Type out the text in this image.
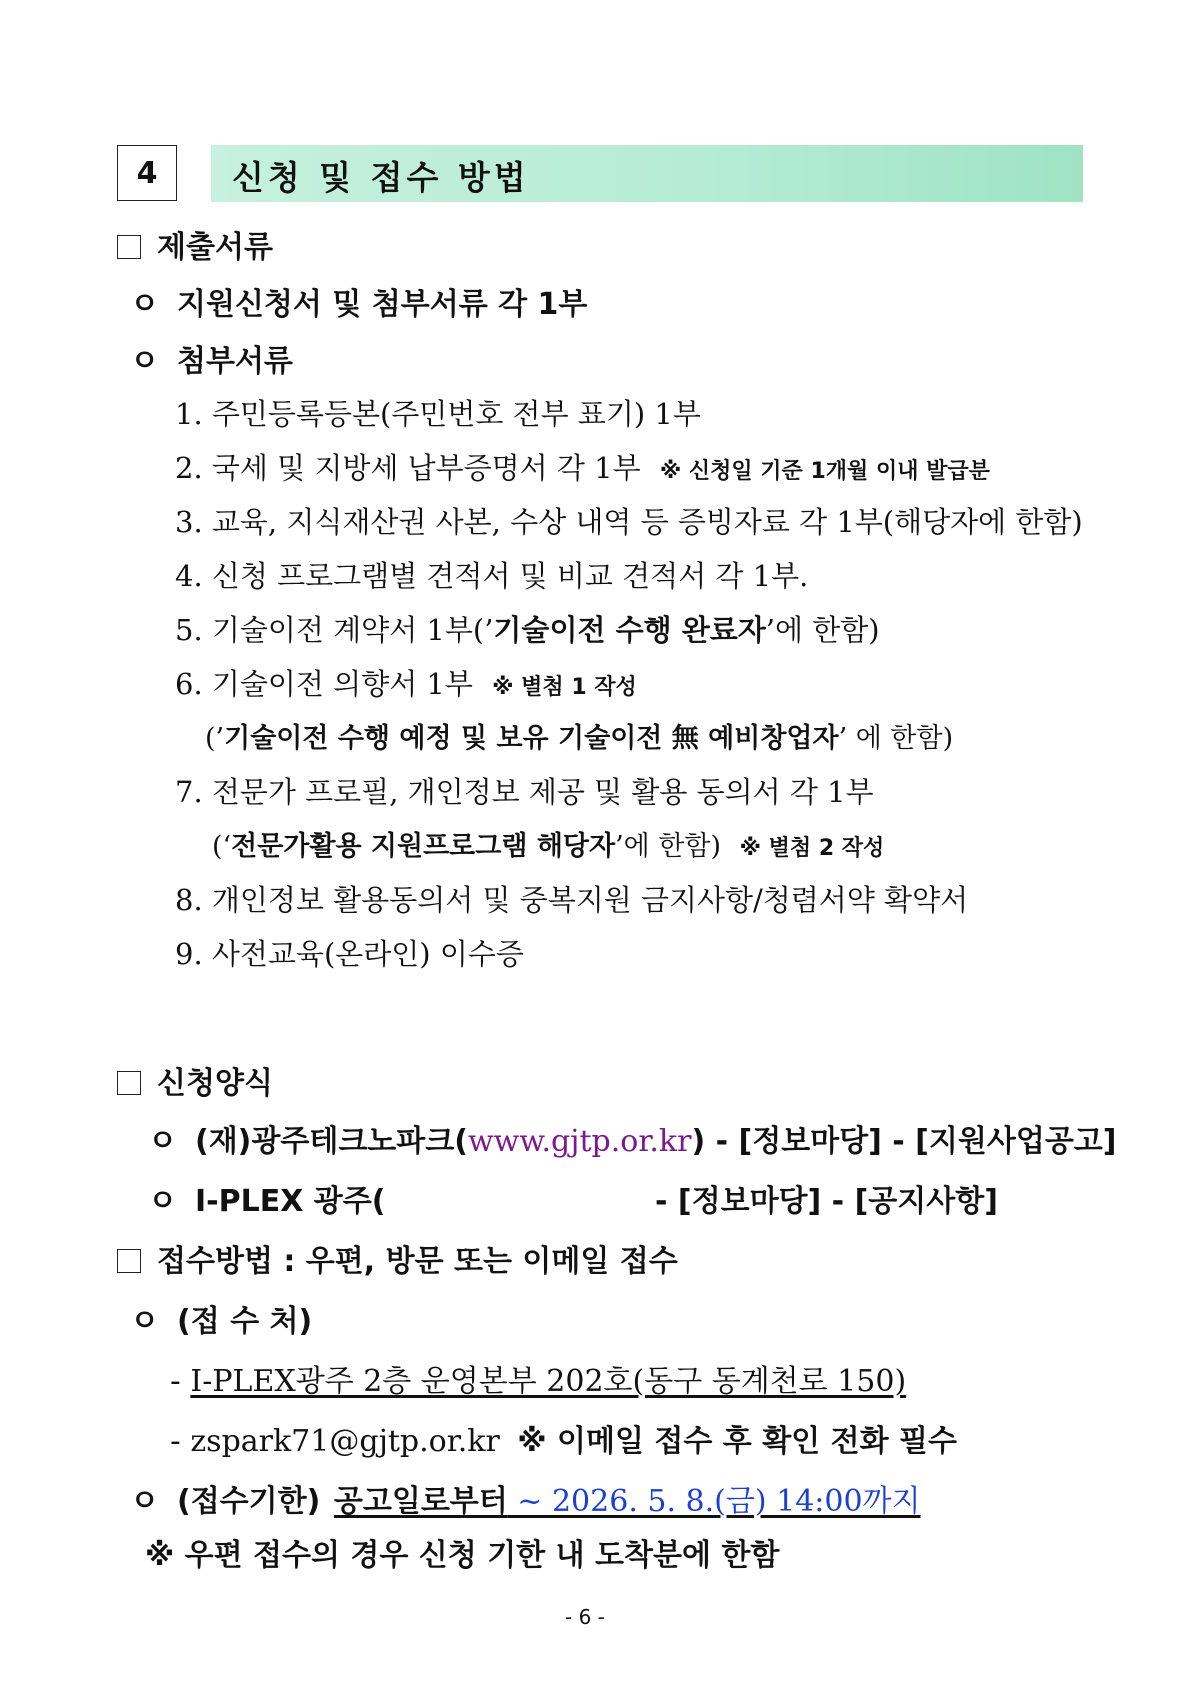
4	신청 및 접수 방법
제출서류
ㅇ 지원신청서 및 첨부서류 각 1부
ㅇ 첨부서류
1. 주민등록등본(주민번호 전부 표기) 1부
2. 국세 및 지방세 납부증명서 각 1부 ※ 신청일 기준 1개월 이내 발급분
3. 교육, 지식재산권 사본, 수상 내역 등 증빙자료 각 1부(해당자에 한함)
4. 신청 프로그램별 견적서 및 비교 견적서 각 1부.
5. 기술이전 계약서 1부(’기술이전 수행 완료자’에 한함)
6. 기술이전 의향서 1부 ※ 별첨 1 작성
(’기술이전 수행 예정 및 보유 기술이전 無 예비창업자’ 에 한함)
7. 전문가 프로필, 개인정보 제공 및 활용 동의서 각 1부
(‘전문가활용 지원프로그램 해당자’에 한함) ※ 별첨 2 작성
8. 개인정보 활용동의서 및 중복지원 금지사항/청렴서약 확약서
9. 사전교육(온라인) 이수증
신청양식
ㅇ (재)광주테크노파크(www.gjtp.or.kr) - [정보마당] - [지원사업공고]
ㅇ I-PLEX 광주(	- [정보마당] - [공지사항]
접수방법 : 우편, 방문 또는 이메일 접수
ㅇ (접 수 처)
- I-PLEX광주 2층 운영본부 202호(동구 동계천로 150)
- zspark71@gjtp.or.kr ※ 이메일 접수 후 확인 전화 필수
ㅇ (접수기한) 공고일로부터 ~ 2026. 5. 8.(금) 14:00까지
※ 우편 접수의 경우 신청 기한 내 도착분에 한함
- 6 -
